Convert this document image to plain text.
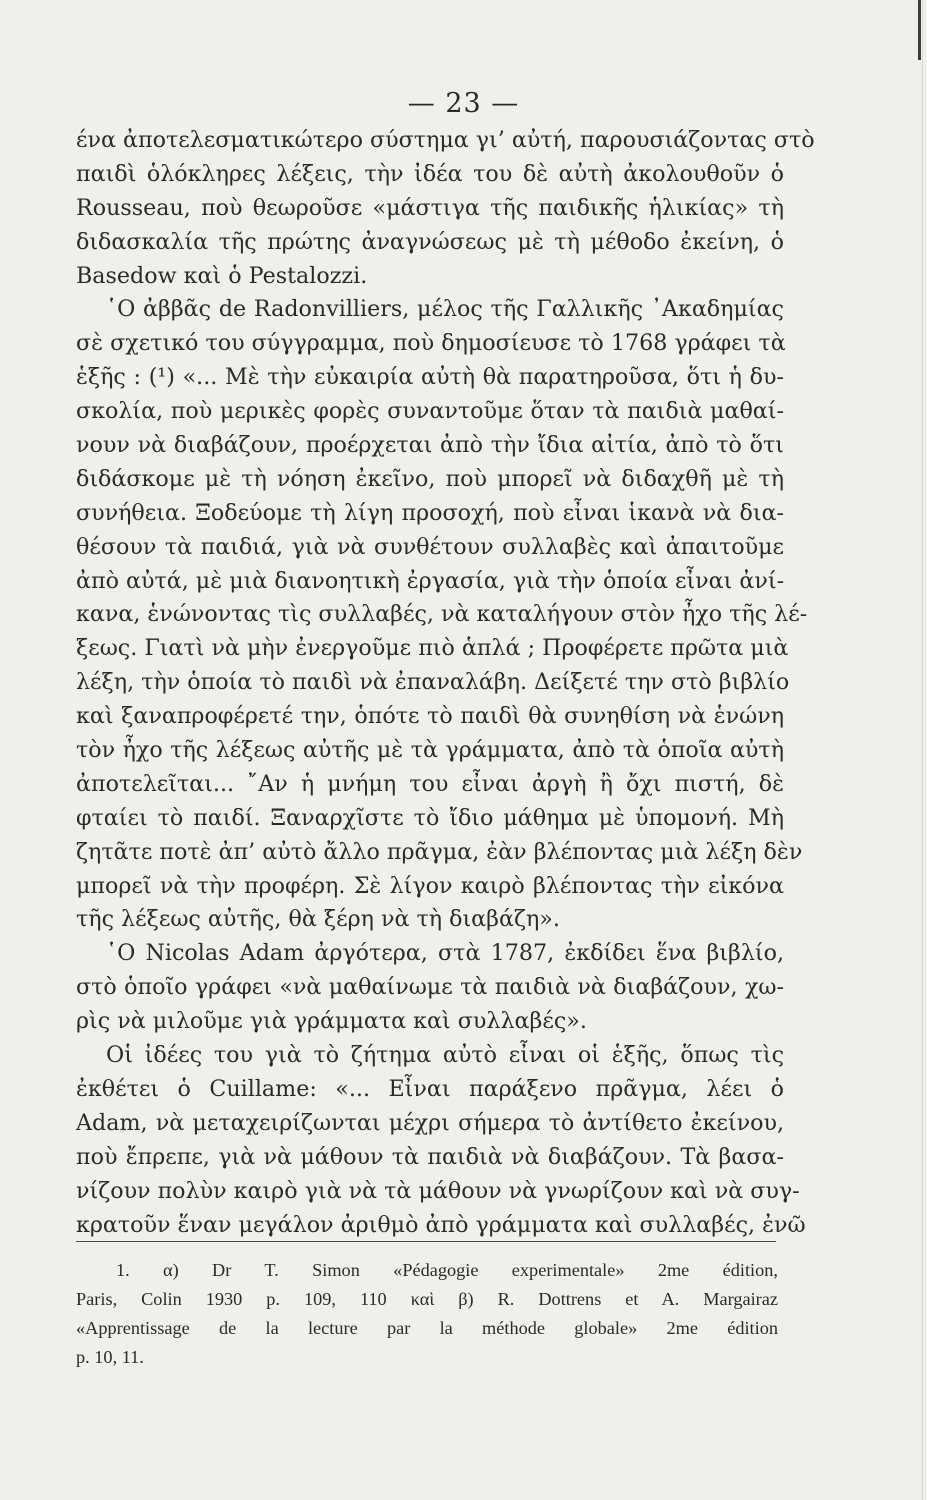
— 23 —
ένα ἀποτελεσματικώτερο σύστημα γι’ αὐτή, παρουσιάζοντας στὸ
παιδὶ ὁλόκληρες λέξεις, τὴν ἰδέα του δὲ αὐτὴ ἀκολουθοῦν ὁ
Rousseau, ποὺ θεωροῦσε «μάστιγα τῆς παιδικῆς ἡλικίας» τὴ
διδασκαλία τῆς πρώτης ἀναγνώσεως μὲ τὴ μέθοδο ἐκείνη, ὁ
Basedow καὶ ὁ Pestalozzi.
῾Ο ἀββᾶς de Radonvilliers, μέλος τῆς Γαλλικῆς ᾿Ακαδημίας
σὲ σχετικό του σύγγραμμα, ποὺ δημοσίευσε τὸ 1768 γράφει τὰ
ἑξῆς : (¹) «... Μὲ τὴν εὐκαιρία αὐτὴ θὰ παρατηροῦσα, ὅτι ἡ δυ-
σκολία, ποὺ μερικὲς φορὲς συναντοῦμε ὅταν τὰ παιδιὰ μαθαί-
νουν νὰ διαβάζουν, προέρχεται ἀπὸ τὴν ἴδια αἰτία, ἀπὸ τὸ ὅτι
διδάσκομε μὲ τὴ νόηση ἐκεῖνο, ποὺ μπορεῖ νὰ διδαχθῆ μὲ τὴ
συνήθεια. Ξοδεύομε τὴ λίγη προσοχή, ποὺ εἶναι ἱκανὰ νὰ δια-
θέσουν τὰ παιδιά, γιὰ νὰ συνθέτουν συλλαβὲς καὶ ἀπαιτοῦμε
ἀπὸ αὐτά, μὲ μιὰ διανοητικὴ ἐργασία, γιὰ τὴν ὁποία εἶναι ἀνί-
κανα, ἑνώνοντας τὶς συλλαβές, νὰ καταλήγουν στὸν ἦχο τῆς λέ-
ξεως. Γιατὶ νὰ μὴν ἐνεργοῦμε πιὸ ἁπλά ; Προφέρετε πρῶτα μιὰ
λέξη, τὴν ὁποία τὸ παιδὶ νὰ ἐπαναλάβη. Δείξετέ την στὸ βιβλίο
καὶ ξαναπροφέρετέ την, ὁπότε τὸ παιδὶ θὰ συνηθίση νὰ ἑνώνη
τὸν ἦχο τῆς λέξεως αὐτῆς μὲ τὰ γράμματα, ἀπὸ τὰ ὁποῖα αὐτὴ
ἀποτελεῖται... ῎Αν ἡ μνήμη του εἶναι ἀργὴ ἢ ὄχι πιστή, δὲ
φταίει τὸ παιδί. Ξαναρχῖστε τὸ ἴδιο μάθημα μὲ ὑπομονή. Μὴ
ζητᾶτε ποτὲ ἀπ’ αὐτὸ ἄλλο πρᾶγμα, ἐὰν βλέποντας μιὰ λέξη δὲν
μπορεῖ νὰ τὴν προφέρη. Σὲ λίγον καιρὸ βλέποντας τὴν εἰκόνα
τῆς λέξεως αὐτῆς, θὰ ξέρη νὰ τὴ διαβάζη».
῾Ο Nicolas Adam ἀργότερα, στὰ 1787, ἐκδίδει ἕνα βιβλίο,
στὸ ὁποῖο γράφει «νὰ μαθαίνωμε τὰ παιδιὰ νὰ διαβάζουν, χω-
ρὶς νὰ μιλοῦμε γιὰ γράμματα καὶ συλλαβές».
Οἱ ἰδέες του γιὰ τὸ ζήτημα αὐτὸ εἶναι οἱ ἑξῆς, ὅπως τὶς
ἐκθέτει ὁ Cuillame: «... Εἶναι παράξενο πρᾶγμα, λέει ὁ
Adam, νὰ μεταχειρίζωνται μέχρι σήμερα τὸ ἀντίθετο ἐκείνου,
ποὺ ἔπρεπε, γιὰ νὰ μάθουν τὰ παιδιὰ νὰ διαβάζουν. Τὰ βασα-
νίζουν πολὺν καιρὸ γιὰ νὰ τὰ μάθουν νὰ γνωρίζουν καὶ νὰ συγ-
κρατοῦν ἕναν μεγάλον ἀριθμὸ ἀπὸ γράμματα καὶ συλλαβές, ἐνῶ
1. α) Dr T. Simon «Pédagogie experimentale» 2me édition,
Paris, Colin 1930 p. 109, 110 καὶ β) R. Dottrens et A. Margairaz
«Apprentissage de la lecture par la méthode globale» 2me édition
p. 10, 11.
